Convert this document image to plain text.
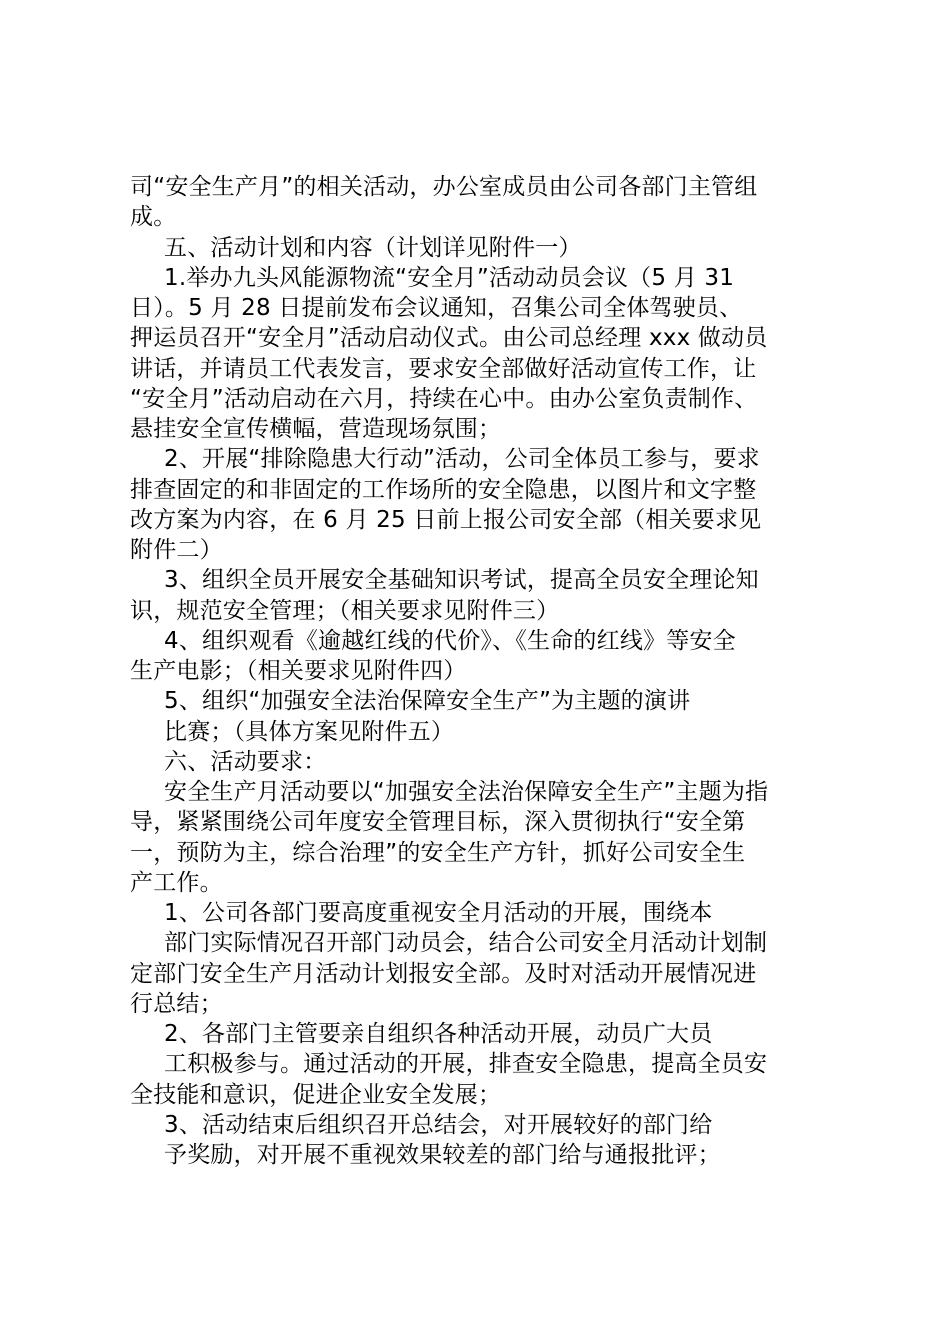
司“安全生产月”的相关活动，办公室成员由公司各部门主管组
成。
五、活动计划和内容（计划详见附件一）
1.举办九头风能源物流“安全月”活动动员会议（5 月 31
日）。5 月 28 日提前发布会议通知，召集公司全体驾驶员、
押运员召开“安全月”活动启动仪式。由公司总经理 xxx 做动员
讲话，并请员工代表发言，要求安全部做好活动宣传工作，让
“安全月”活动启动在六月，持续在心中。由办公室负责制作、
悬挂安全宣传横幅，营造现场氛围；
2、开展“排除隐患大行动”活动，公司全体员工参与，要求
排查固定的和非固定的工作场所的安全隐患，以图片和文字整
改方案为内容，在 6 月 25 日前上报公司安全部（相关要求见
附件二）
3、组织全员开展安全基础知识考试，提高全员安全理论知
识，规范安全管理；（相关要求见附件三）
4、组织观看《逾越红线的代价》、《生命的红线》等安全
生产电影；（相关要求见附件四）
5、组织“加强安全法治保障安全生产”为主题的演讲
比赛；（具体方案见附件五）
六、活动要求：
安全生产月活动要以“加强安全法治保障安全生产”主题为指
导，紧紧围绕公司年度安全管理目标，深入贯彻执行“安全第
一，预防为主，综合治理”的安全生产方针，抓好公司安全生
产工作。
1、公司各部门要高度重视安全月活动的开展，围绕本
部门实际情况召开部门动员会，结合公司安全月活动计划制
定部门安全生产月活动计划报安全部。及时对活动开展情况进
行总结；
2、各部门主管要亲自组织各种活动开展，动员广大员
工积极参与。通过活动的开展，排查安全隐患，提高全员安
全技能和意识，促进企业安全发展；
3、活动结束后组织召开总结会，对开展较好的部门给
予奖励，对开展不重视效果较差的部门给与通报批评；
